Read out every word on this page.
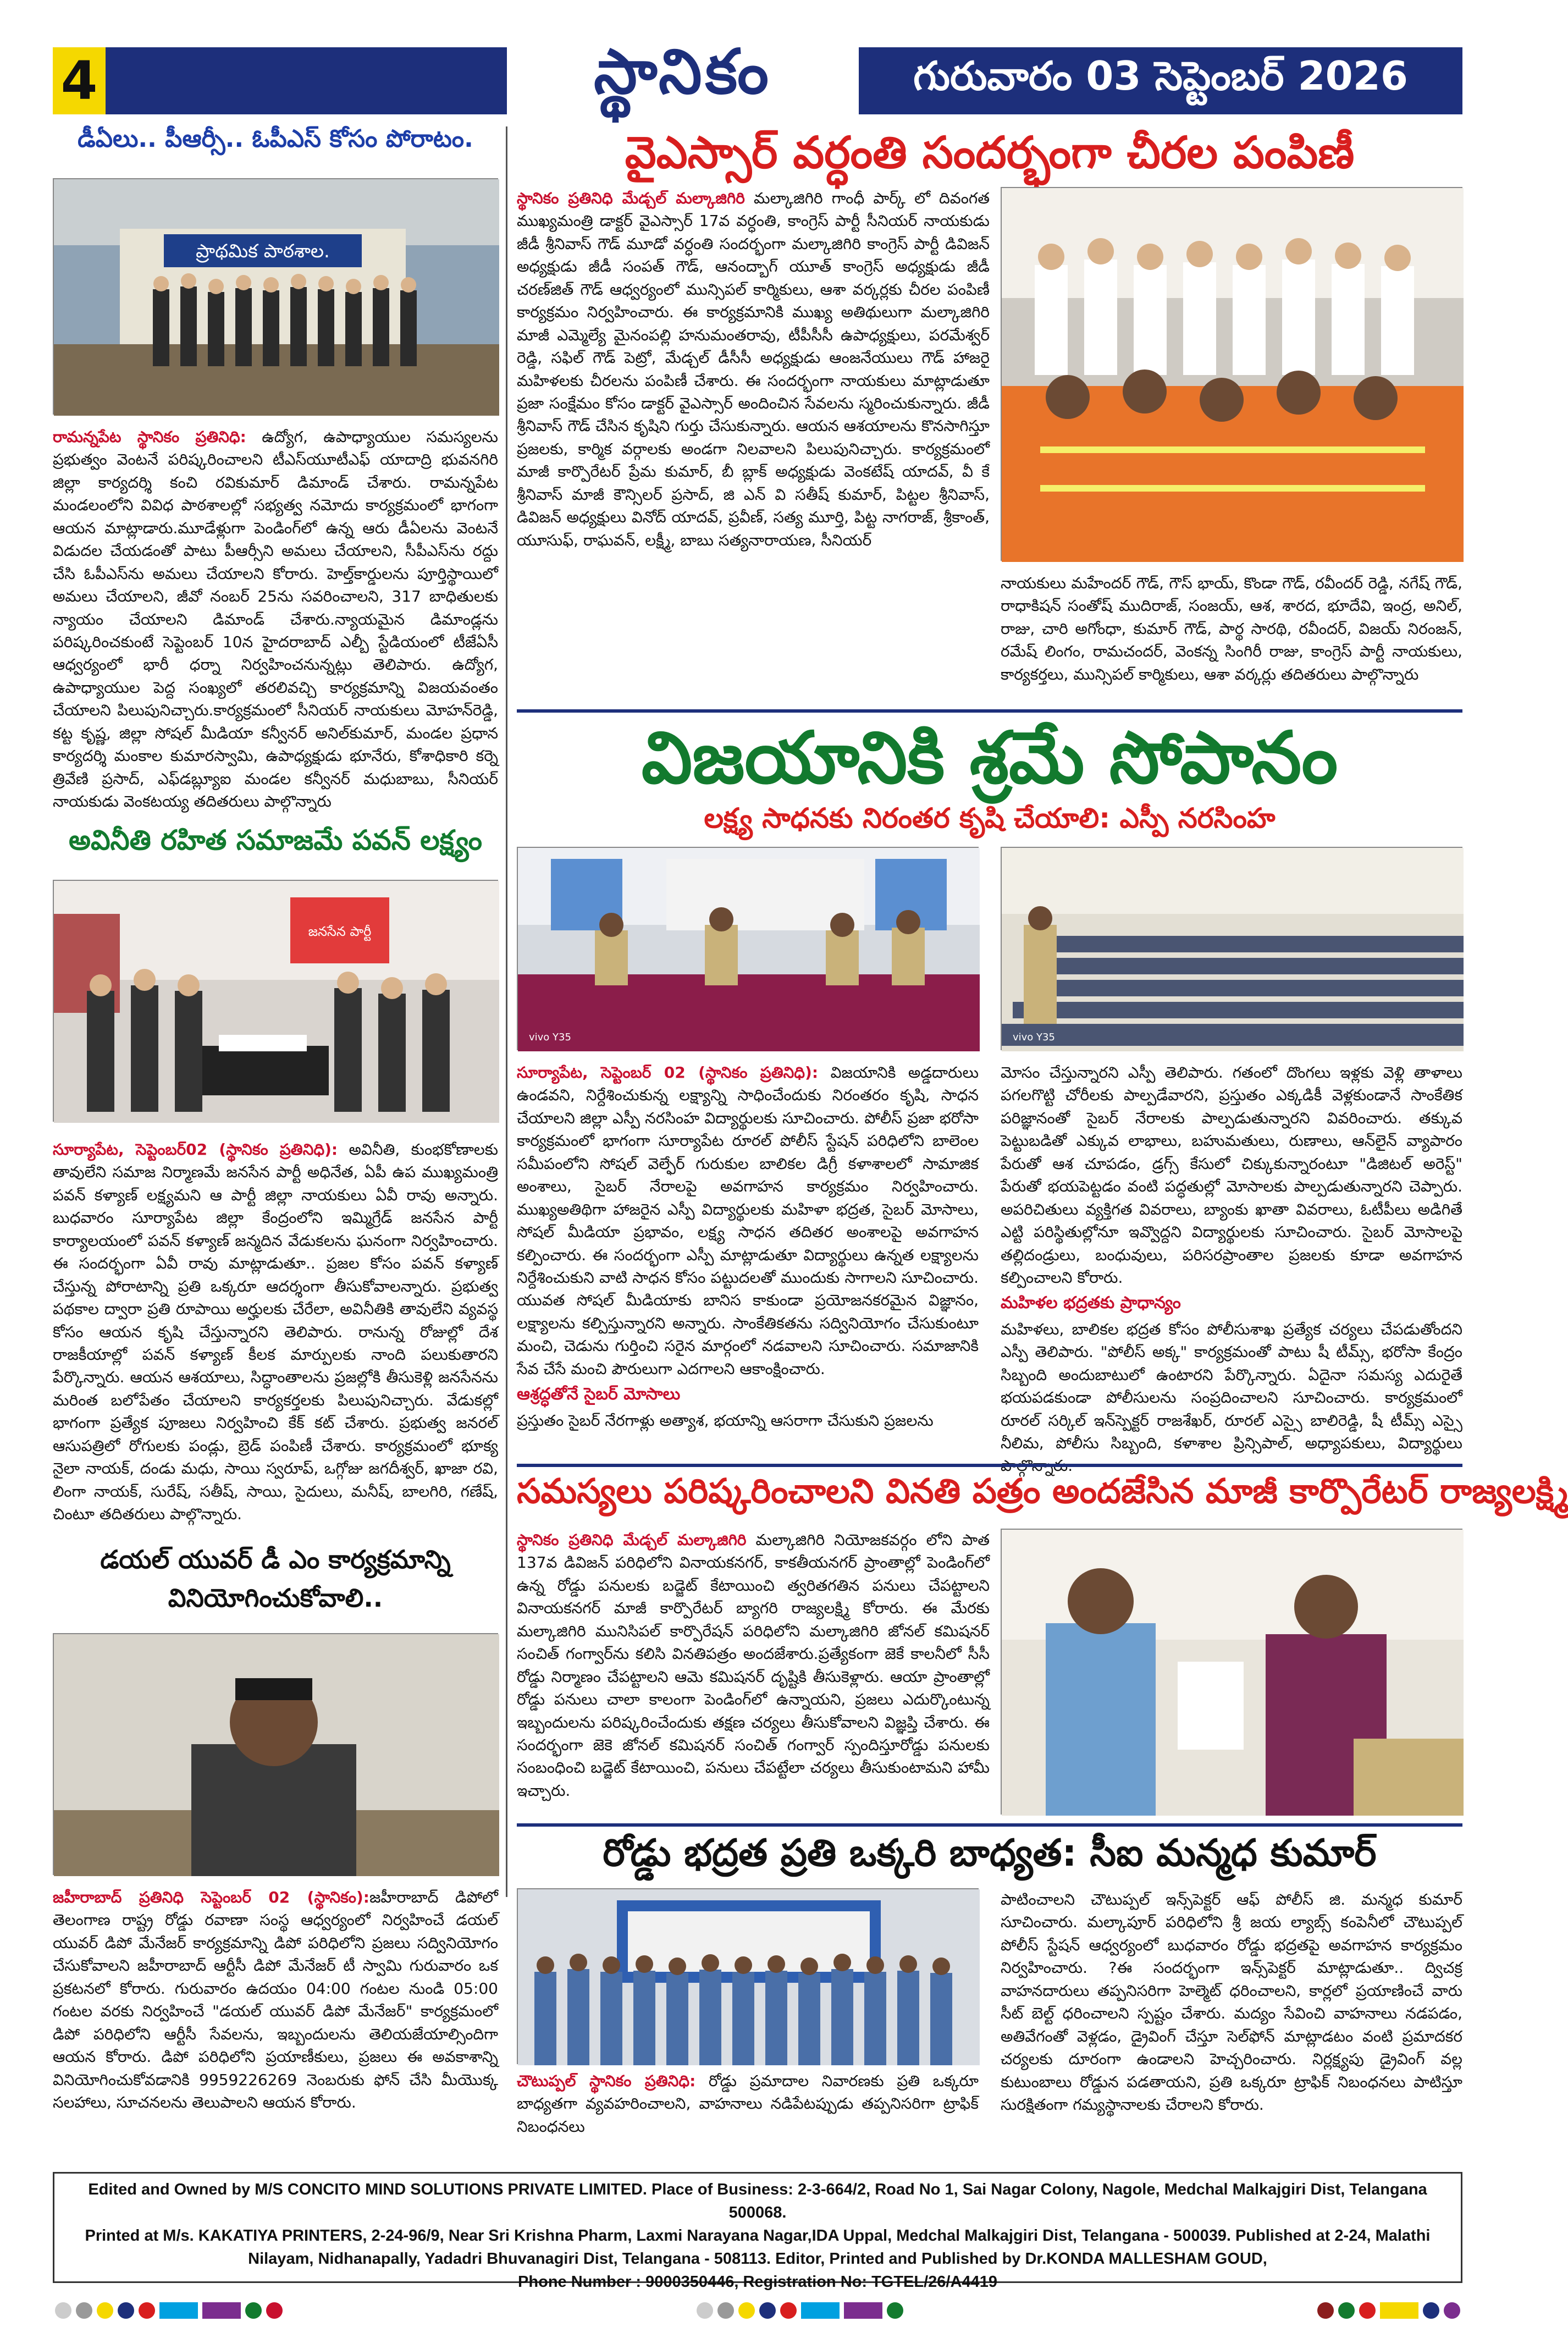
4	స్థానికం	గురువారం 03 సెప్టెంబర్ 2026
డీఏలు.. పీఆర్సీ.. ఓపీఎస్ కోసం పోరాటం.
ప్రాథమిక పాఠశాల.
రామన్నపేట స్థానికం ప్రతినిధి: ఉద్యోగ, ఉపాధ్యాయుల సమస్యలను ప్రభుత్వం వెంటనే పరిష్కరించాలని టీఎస్‌యూటీఎఫ్ యాదాద్రి భువనగిరి జిల్లా కార్యదర్శి కంచి రవికుమార్ డిమాండ్ చేశారు. రామన్నపేట మండలంలోని వివిధ పాఠశాలల్లో సభ్యత్వ నమోదు కార్యక్రమంలో భాగంగా ఆయన మాట్లాడారు.మూడేళ్లుగా పెండింగ్‌లో ఉన్న ఆరు డీఏలను వెంటనే విడుదల చేయడంతో పాటు పీఆర్సీని అమలు చేయాలని, సీపీఎస్‌ను రద్దు చేసి ఓపీఎస్‌ను అమలు చేయాలని కోరారు. హెల్త్‌కార్డులను పూర్తిస్థాయిలో అమలు చేయాలని, జీవో నంబర్ 25ను సవరించాలని, 317 బాధితులకు న్యాయం చేయాలని డిమాండ్ చేశారు.న్యాయమైన డిమాండ్లను పరిష్కరించకుంటే సెప్టెంబర్ 10న హైదరాబాద్ ఎల్బీ స్టేడియంలో టీజేఏసీ ఆధ్వర్యంలో భారీ ధర్నా నిర్వహించనున్నట్లు తెలిపారు. ఉద్యోగ, ఉపాధ్యాయుల పెద్ద సంఖ్యలో తరలివచ్చి కార్యక్రమాన్ని విజయవంతం చేయాలని పిలుపునిచ్చారు.కార్యక్రమంలో సీనియర్ నాయకులు మోహన్‌రెడ్డి, కట్ట కృష్ణ, జిల్లా సోషల్ మీడియా కన్వీనర్ అనిల్‌కుమార్, మండల ప్రధాన కార్యదర్శి మంకాల కుమారస్వామి, ఉపాధ్యక్షుడు భూనేరు, కోశాధికారి కర్నె త్రివేణి ప్రసాద్, ఎఫ్‌డబ్ల్యూఐ మండల కన్వీనర్ మధుబాబు, సీనియర్ నాయకుడు వెంకటయ్య తదితరులు పాల్గొన్నారు
అవినీతి రహిత సమాజమే పవన్ లక్ష్యం
జనసేన పార్టీ
సూర్యాపేట, సెప్టెంబర్02 (స్థానికం ప్రతినిధి): అవినీతి, కుంభకోణాలకు తావులేని సమాజ నిర్మాణమే జనసేన పార్టీ అధినేత, ఏపీ ఉప ముఖ్యమంత్రి పవన్ కళ్యాణ్ లక్ష్యమని ఆ పార్టీ జిల్లా నాయకులు ఏవీ రావు అన్నారు. బుధవారం సూర్యాపేట జిల్లా కేంద్రంలోని ఇమ్మిగ్రేడ్ జనసేన పార్టీ కార్యాలయంలో పవన్ కళ్యాణ్ జన్మదిన వేడుకలను ఘనంగా నిర్వహించారు. ఈ సందర్భంగా ఏవీ రావు మాట్లాడుతూ.. ప్రజల కోసం పవన్ కళ్యాణ్ చేస్తున్న పోరాటాన్ని ప్రతి ఒక్కరూ ఆదర్శంగా తీసుకోవాలన్నారు. ప్రభుత్వ పథకాల ద్వారా ప్రతి రూపాయి అర్హులకు చేరేలా, అవినీతికి తావులేని వ్యవస్థ కోసం ఆయన కృషి చేస్తున్నారని తెలిపారు. రానున్న రోజుల్లో దేశ రాజకీయాల్లో పవన్ కళ్యాణ్ కీలక మార్పులకు నాంది పలుకుతారని పేర్కొన్నారు. ఆయన ఆశయాలు, సిద్ధాంతాలను ప్రజల్లోకి తీసుకెళ్లి జనసేనను మరింత బలోపేతం చేయాలని కార్యకర్తలకు పిలుపునిచ్చారు. వేడుకల్లో భాగంగా ప్రత్యేక పూజలు నిర్వహించి కేక్ కట్ చేశారు. ప్రభుత్వ జనరల్ ఆసుపత్రిలో రోగులకు పండ్లు, బ్రెడ్ పంపిణీ చేశారు. కార్యక్రమంలో భూక్య నైలా నాయక్, దండు మధు, సాయి స్వరూప్, ఒగ్గోజు జగదీశ్వర్, ఖాజా రవి, లింగా నాయక్, సురేష్, సతీష్, సాయి, సైదులు, మనీష్, బాలగిరి, గణేష్, చింటూ తదితరులు పాల్గొన్నారు.
డయల్ యువర్ డీ ఎం కార్యక్రమాన్ని
వినియోగించుకోవాలి..
జహీరాబాద్ ప్రతినిధి సెప్టెంబర్ 02 (స్థానికం):జహీరాబాద్ డిపోలో తెలంగాణ రాష్ట్ర రోడ్డు రవాణా సంస్థ ఆధ్వర్యంలో నిర్వహించే డయల్ యువర్ డిపో మేనేజర్ కార్యక్రమాన్ని డిపో పరిధిలోని ప్రజలు సద్వినియోగం చేసుకోవాలని జహీరాబాద్ ఆర్టీసీ డిపో మేనేజర్ టీ స్వామి గురువారం ఒక ప్రకటనలో కోరారు. గురువారం ఉదయం 04:00 గంటల నుండి 05:00 గంటల వరకు నిర్వహించే "డయల్ యువర్ డిపో మేనేజర్" కార్యక్రమంలో డిపో పరిధిలోని ఆర్టీసీ సేవలను, ఇబ్బందులను తెలియజేయాల్సిందిగా ఆయన కోరారు. డిపో పరిధిలోని ప్రయాణీకులు, ప్రజలు ఈ అవకాశాన్ని వినియోగించుకోవడానికి 9959226269 నెంబరుకు ఫోన్ చేసి మీయొక్క సలహాలు, సూచనలను తెలుపాలని ఆయన కోరారు.
వైఎస్సార్ వర్ధంతి సందర్భంగా చీరల పంపిణీ
స్థానికం ప్రతినిధి మేడ్చల్ మల్కాజిగిరి మల్కాజిగిరి గాంధీ పార్క్ లో దివంగత ముఖ్యమంత్రి డాక్టర్ వైఎస్సార్ 17వ వర్ధంతి, కాంగ్రెస్ పార్టీ సీనియర్ నాయకుడు జీడీ శ్రీనివాస్ గౌడ్ మూడో వర్ధంతి సందర్భంగా మల్కాజిగిరి కాంగ్రెస్ పార్టీ డివిజన్ అధ్యక్షుడు జీడీ సంపత్ గౌడ్, ఆనంద్బాగ్ యూత్ కాంగ్రెస్ అధ్యక్షుడు జీడీ చరణ్‌జిత్ గౌడ్ ఆధ్వర్యంలో మున్సిపల్ కార్మికులు, ఆశా వర్కర్లకు చీరల పంపిణీ కార్యక్రమం నిర్వహించారు. ఈ కార్యక్రమానికి ముఖ్య అతిథులుగా మల్కాజిగిరి మాజీ ఎమ్మెల్యే మైనంపల్లి హనుమంతరావు, టీపీసీసీ ఉపాధ్యక్షులు, పరమేశ్వర్ రెడ్డి, సఫిల్ గౌడ్ పెట్రో, మేడ్చల్ డీసీసీ అధ్యక్షుడు ఆంజనేయులు గౌడ్ హాజరై మహిళలకు చీరలను పంపిణీ చేశారు. ఈ సందర్భంగా నాయకులు మాట్లాడుతూ ప్రజా సంక్షేమం కోసం డాక్టర్ వైఎస్సార్ అందించిన సేవలను స్మరించుకున్నారు. జీడీ శ్రీనివాస్ గౌడ్ చేసిన కృషిని గుర్తు చేసుకున్నారు. ఆయన ఆశయాలను కొనసాగిస్తూ ప్రజలకు, కార్మిక వర్గాలకు అండగా నిలవాలని పిలుపునిచ్చారు. కార్యక్రమంలో మాజీ కార్పొరేటర్ ప్రేమ కుమార్, బీ బ్లాక్ అధ్యక్షుడు వెంకటేష్ యాదవ్, వీ కే శ్రీనివాస్ మాజీ కౌన్సిలర్ ప్రసాద్, జి ఎన్ వి సతీష్ కుమార్, పిట్టల శ్రీనివాస్, డివిజన్ అధ్యక్షులు వినోద్ యాదవ్, ప్రవీణ్, సత్య మూర్తి, పిట్ట నాగరాజ్, శ్రీకాంత్, యూసుఫ్, రాఘవన్, లక్ష్మీ, బాబు సత్యనారాయణ, సీనియర్
నాయకులు మహేందర్ గౌడ్, గౌస్ భాయ్, కొండా గౌడ్, రవీందర్ రెడ్డి, నగేష్ గౌడ్, రాధాకిషన్ సంతోష్ ముదిరాజ్, సంజయ్, ఆశ, శారద, భూదేవి, ఇంద్ర, అనిల్, రాజు, చారి అగోంధా, కుమార్ గౌడ్, పార్థ సారథి, రవీందర్, విజయ్ నిరంజన్, రమేష్ లింగం, రామచందర్, వెంకన్న సింగిరీ రాజు, కాంగ్రెస్ పార్టీ నాయకులు, కార్యకర్తలు, మున్సిపల్ కార్మికులు, ఆశా వర్కర్లు తదితరులు పాల్గొన్నారు
విజయానికి శ్రమే సోపానం
లక్ష్య సాధనకు నిరంతర కృషి చేయాలి: ఎస్పీ నరసింహ
vivo Y35	vivo Y35
సూర్యాపేట, సెప్టెంబర్ 02 (స్థానికం ప్రతినిధి): విజయానికి అడ్డదారులు ఉండవని, నిర్దేశించుకున్న లక్ష్యాన్ని సాధించేందుకు నిరంతరం కృషి, సాధన చేయాలని జిల్లా ఎస్పీ నరసింహ విద్యార్థులకు సూచించారు. పోలీస్ ప్రజా భరోసా కార్యక్రమంలో భాగంగా సూర్యాపేట రూరల్ పోలీస్ స్టేషన్ పరిధిలోని బాలెంల సమీపంలోని సోషల్ వెల్ఫేర్ గురుకుల బాలికల డిగ్రీ కళాశాలలో సామాజిక అంశాలు, సైబర్ నేరాలపై అవగాహన కార్యక్రమం నిర్వహించారు. ముఖ్యఅతిథిగా హాజరైన ఎస్పీ విద్యార్థులకు మహిళా భద్రత, సైబర్ మోసాలు, సోషల్ మీడియా ప్రభావం, లక్ష్య సాధన తదితర అంశాలపై అవగాహన కల్పించారు. ఈ సందర్భంగా ఎస్పీ మాట్లాడుతూ విద్యార్థులు ఉన్నత లక్ష్యాలను నిర్దేశించుకుని వాటి సాధన కోసం పట్టుదలతో ముందుకు సాగాలని సూచించారు. యువత సోషల్ మీడియాకు బానిస కాకుండా ప్రయోజనకరమైన విజ్ఞానం, లక్ష్యాలను కల్పిస్తున్నారని అన్నారు. సాంకేతికతను సద్వినియోగం చేసుకుంటూ మంచి, చెడును గుర్తించి సరైన మార్గంలో నడవాలని సూచించారు. సమాజానికి సేవ చేసే మంచి పౌరులుగా ఎదగాలని ఆకాంక్షించారు.
ఆశ్రద్ధతోనే సైబర్ మోసాలు
ప్రస్తుతం సైబర్ నేరగాళ్లు అత్యాశ, భయాన్ని ఆసరాగా చేసుకుని ప్రజలను
మోసం చేస్తున్నారని ఎస్పీ తెలిపారు. గతంలో దొంగలు ఇళ్లకు వెళ్లి తాళాలు పగలగొట్టి చోరీలకు పాల్పడేవారని, ప్రస్తుతం ఎక్కడికీ వెళ్లకుండానే సాంకేతిక పరిజ్ఞానంతో సైబర్ నేరాలకు పాల్పడుతున్నారని వివరించారు. తక్కువ పెట్టుబడితో ఎక్కువ లాభాలు, బహుమతులు, రుణాలు, ఆన్‌లైన్ వ్యాపారం పేరుతో ఆశ చూపడం, డ్రగ్స్ కేసులో చిక్కుకున్నారంటూ "డిజిటల్ అరెస్ట్" పేరుతో భయపెట్టడం వంటి పద్ధతుల్లో మోసాలకు పాల్పడుతున్నారని చెప్పారు. అపరిచితులు వ్యక్తిగత వివరాలు, బ్యాంకు ఖాతా వివరాలు, ఓటీపీలు అడిగితే ఎట్టి పరిస్థితుల్లోనూ ఇవ్వొద్దని విద్యార్థులకు సూచించారు. సైబర్ మోసాలపై తల్లిదండ్రులు, బంధువులు, పరిసరప్రాంతాల ప్రజలకు కూడా అవగాహన కల్పించాలని కోరారు.
మహిళల భద్రతకు ప్రాధాన్యం
మహిళలు, బాలికల భద్రత కోసం పోలీసుశాఖ ప్రత్యేక చర్యలు చేపడుతోందని ఎస్పీ తెలిపారు. "పోలీస్ అక్క" కార్యక్రమంతో పాటు షీ టీమ్స్, భరోసా కేంద్రం సిబ్బంది అందుబాటులో ఉంటారని పేర్కొన్నారు. ఏదైనా సమస్య ఎదురైతే భయపడకుండా పోలీసులను సంప్రదించాలని సూచించారు. కార్యక్రమంలో రూరల్ సర్కిల్ ఇన్‌స్పెక్టర్ రాజశేఖర్, రూరల్ ఎస్సై బాలిరెడ్డి, షీ టీమ్స్ ఎస్సై నీలిమ, పోలీసు సిబ్బంది, కళాశాల ప్రిన్సిపాల్, అధ్యాపకులు, విద్యార్థులు
సమస్యలు పరిష్కరించాలని వినతి పత్రం అందజేసిన మాజీ కార్పొరేటర్ రాజ్యలక్ష్మి
స్థానికం ప్రతినిధి మేడ్చల్ మల్కాజిగిరి మల్కాజిగిరి నియోజకవర్గం లోని పాత 137వ డివిజన్ పరిధిలోని వినాయకనగర్, కాకతీయనగర్ ప్రాంతాల్లో పెండింగ్‌లో ఉన్న రోడ్డు పనులకు బడ్జెట్ కేటాయించి త్వరితగతిన పనులు చేపట్టాలని వినాయకనగర్ మాజీ కార్పొరేటర్ బ్యాగరి రాజ్యలక్ష్మి కోరారు. ఈ మేరకు మల్కాజిగిరి మునిసిపల్ కార్పొరేషన్ పరిధిలోని మల్కాజిగిరి జోనల్ కమిషనర్ సంచిత్ గంగ్వార్‌ను కలిసి వినతిపత్రం అందజేశారు.ప్రత్యేకంగా జెకే కాలనీలో సీసీ రోడ్డు నిర్మాణం చేపట్టాలని ఆమె కమిషనర్ దృష్టికి తీసుకెళ్లారు. ఆయా ప్రాంతాల్లో రోడ్డు పనులు చాలా కాలంగా పెండింగ్‌లో ఉన్నాయని, ప్రజలు ఎదుర్కొంటున్న ఇబ్బందులను పరిష్కరించేందుకు తక్షణ చర్యలు తీసుకోవాలని విజ్ఞప్తి చేశారు. ఈ సందర్భంగా జెకె జోనల్ కమిషనర్ సంచిత్ గంగ్వార్ స్పందిస్తూరోడ్డు పనులకు సంబంధించి బడ్జెట్ కేటాయించి, పనులు చేపట్టేలా చర్యలు తీసుకుంటామని హామీ ఇచ్చారు.
రోడ్డు భద్రత ప్రతి ఒక్కరి బాధ్యత: సీఐ మన్మధ కుమార్
చౌటుప్పల్ స్థానికం ప్రతినిధి: రోడ్డు ప్రమాదాల నివారణకు ప్రతి ఒక్కరూ బాధ్యతగా వ్యవహరించాలని, వాహనాలు నడిపేటప్పుడు తప్పనిసరిగా ట్రాఫిక్ నిబంధనలు
పాటించాలని చౌటుప్పల్ ఇన్స్‌పెక్టర్ ఆఫ్ పోలీస్ జి. మన్మధ కుమార్ సూచించారు. మల్కాపూర్ పరిధిలోని శ్రీ జయ ల్యాబ్స్ కంపెనీలో చౌటుప్పల్ పోలీస్ స్టేషన్ ఆధ్వర్యంలో బుధవారం రోడ్డు భద్రతపై అవగాహన కార్యక్రమం నిర్వహించారు. ?ఈ సందర్భంగా ఇన్స్‌పెక్టర్ మాట్లాడుతూ.. ద్విచక్ర వాహనదారులు తప్పనిసరిగా హెల్మెట్ ధరించాలని, కార్లలో ప్రయాణించే వారు సీట్ బెల్ట్ ధరించాలని స్పష్టం చేశారు. మద్యం సేవించి వాహనాలు నడపడం, అతివేగంతో వెళ్లడం, డ్రైవింగ్ చేస్తూ సెల్‌ఫోన్ మాట్లాడటం వంటి ప్రమాదకర చర్యలకు దూరంగా ఉండాలని హెచ్చరించారు. నిర్లక్ష్యపు డ్రైవింగ్ వల్ల కుటుంబాలు రోడ్డున పడతాయని, ప్రతి ఒక్కరూ ట్రాఫిక్ నిబంధనలు పాటిస్తూ సురక్షితంగా గమ్యస్థానాలకు చేరాలని కోరారు.
Edited and Owned by M/S CONCITO MIND SOLUTIONS PRIVATE LIMITED. Place of Business: 2-3-664/2, Road No 1, Sai Nagar Colony, Nagole, Medchal Malkajgiri Dist, Telangana 500068.
Printed at M/s. KAKATIYA PRINTERS, 2-24-96/9, Near Sri Krishna Pharm, Laxmi Narayana Nagar,IDA Uppal, Medchal Malkajgiri Dist, Telangana - 500039. Published at 2-24, Malathi
Nilayam, Nidhanapally, Yadadri Bhuvanagiri Dist, Telangana - 508113. Editor, Printed and Published by Dr.KONDA MALLESHAM GOUD,
Phone Number : 9000350446, Registration No: TGTEL/26/A4419
